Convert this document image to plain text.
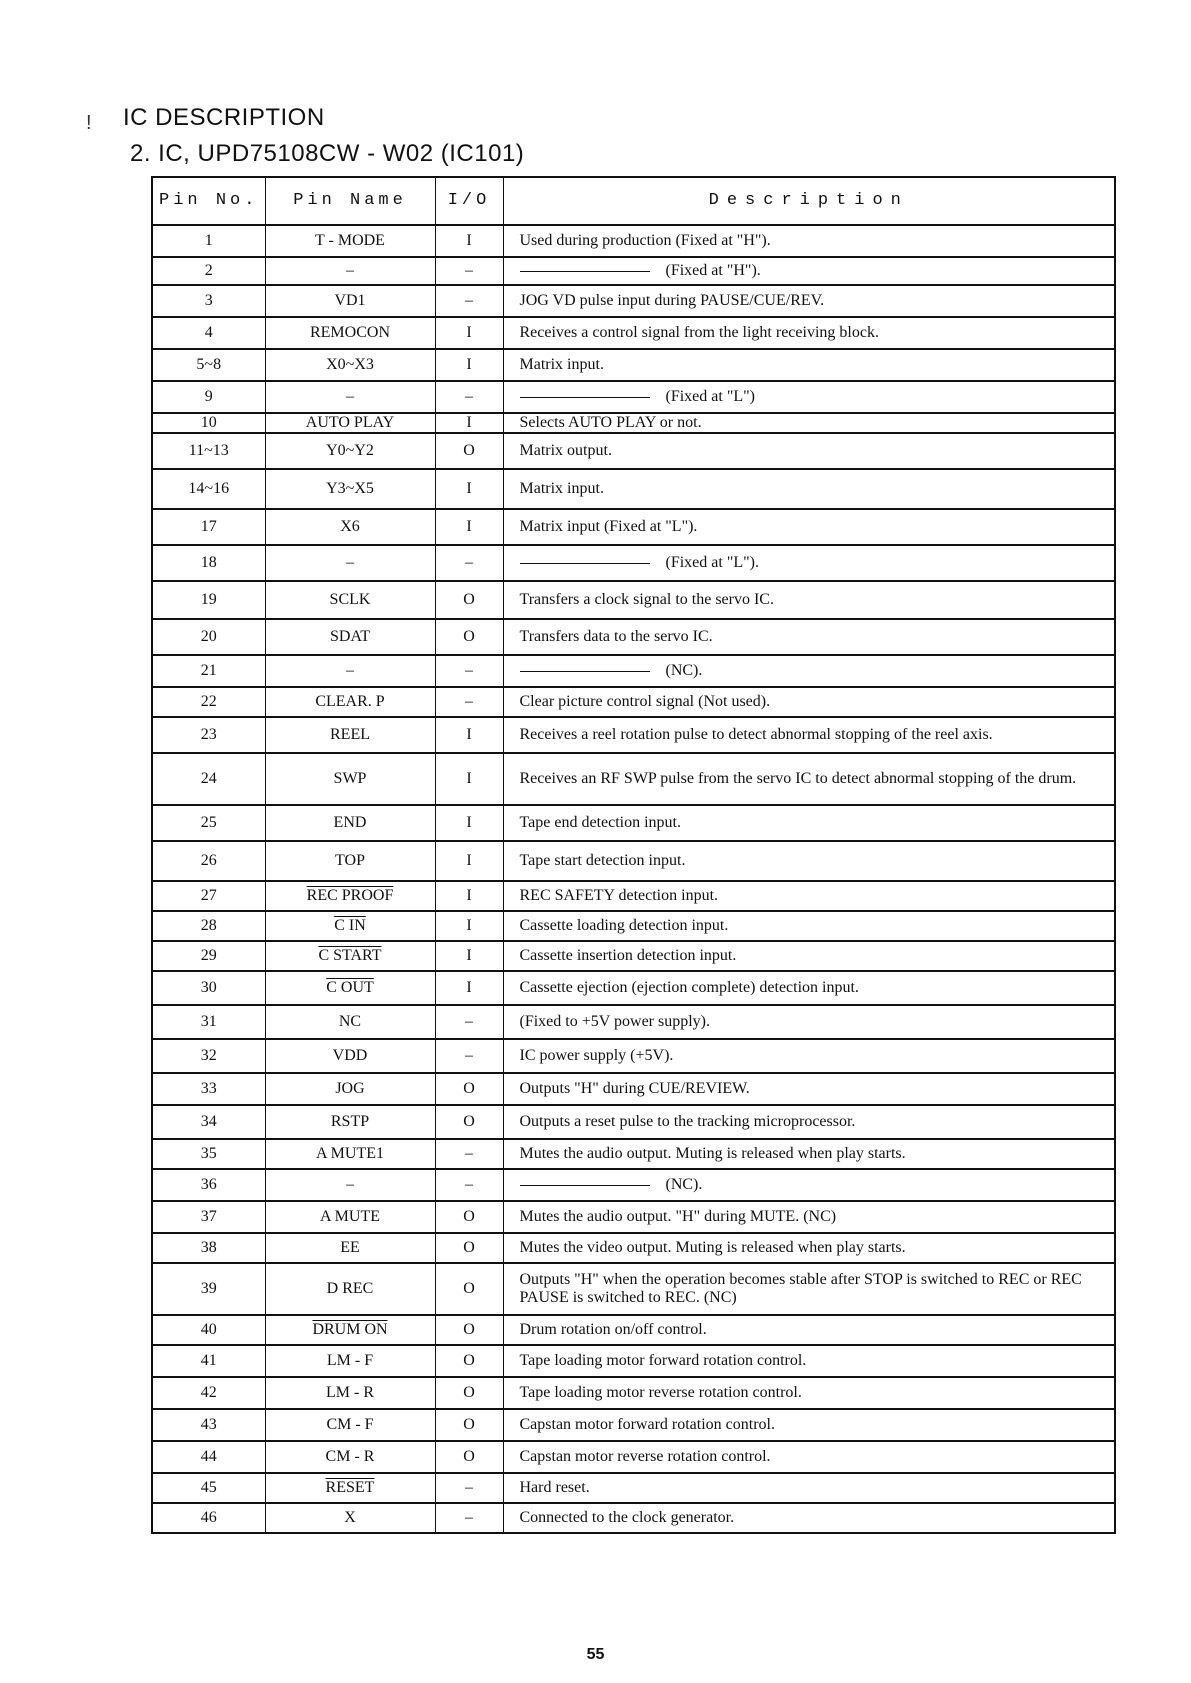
! IC DESCRIPTION
2. IC, UPD75108CW - W02 (IC101)
Pin No.	Pin Name	I/O	Description
1	T - MODE	I	Used during production (Fixed at "H").
2	–	–	(Fixed at "H").
3	VD1	–	JOG VD pulse input during PAUSE/CUE/REV.
4	REMOCON	I	Receives a control signal from the light receiving block.
5~8	X0~X3	I	Matrix input.
9	–	–	(Fixed at "L")
10	AUTO PLAY	I	Selects AUTO PLAY or not.
11~13	Y0~Y2	O	Matrix output.
14~16	Y3~X5	I	Matrix input.
17	X6	I	Matrix input (Fixed at "L").
18	–	–	(Fixed at "L").
19	SCLK	O	Transfers a clock signal to the servo IC.
20	SDAT	O	Transfers data to the servo IC.
21	–	–	(NC).
22	CLEAR. P	–	Clear picture control signal (Not used).
23	REEL	I	Receives a reel rotation pulse to detect abnormal stopping of the reel axis.
24	SWP	I	Receives an RF SWP pulse from the servo IC to detect abnormal stopping of the drum.
25	END	I	Tape end detection input.
26	TOP	I	Tape start detection input.
27	REC PROOF	I	REC SAFETY detection input.
28	C IN	I	Cassette loading detection input.
29	C START	I	Cassette insertion detection input.
30	C OUT	I	Cassette ejection (ejection complete) detection input.
31	NC	–	(Fixed to +5V power supply).
32	VDD	–	IC power supply (+5V).
33	JOG	O	Outputs "H" during CUE/REVIEW.
34	RSTP	O	Outputs a reset pulse to the tracking microprocessor.
35	A MUTE1	–	Mutes the audio output. Muting is released when play starts.
36	–	–	(NC).
37	A MUTE	O	Mutes the audio output. "H" during MUTE. (NC)
38	EE	O	Mutes the video output. Muting is released when play starts.
39	D REC	O	Outputs "H" when the operation becomes stable after STOP is switched to REC or REC PAUSE is switched to REC. (NC)
40	DRUM ON	O	Drum rotation on/off control.
41	LM - F	O	Tape loading motor forward rotation control.
42	LM - R	O	Tape loading motor reverse rotation control.
43	CM - F	O	Capstan motor forward rotation control.
44	CM - R	O	Capstan motor reverse rotation control.
45	RESET	–	Hard reset.
46	X	–	Connected to the clock generator.
55
